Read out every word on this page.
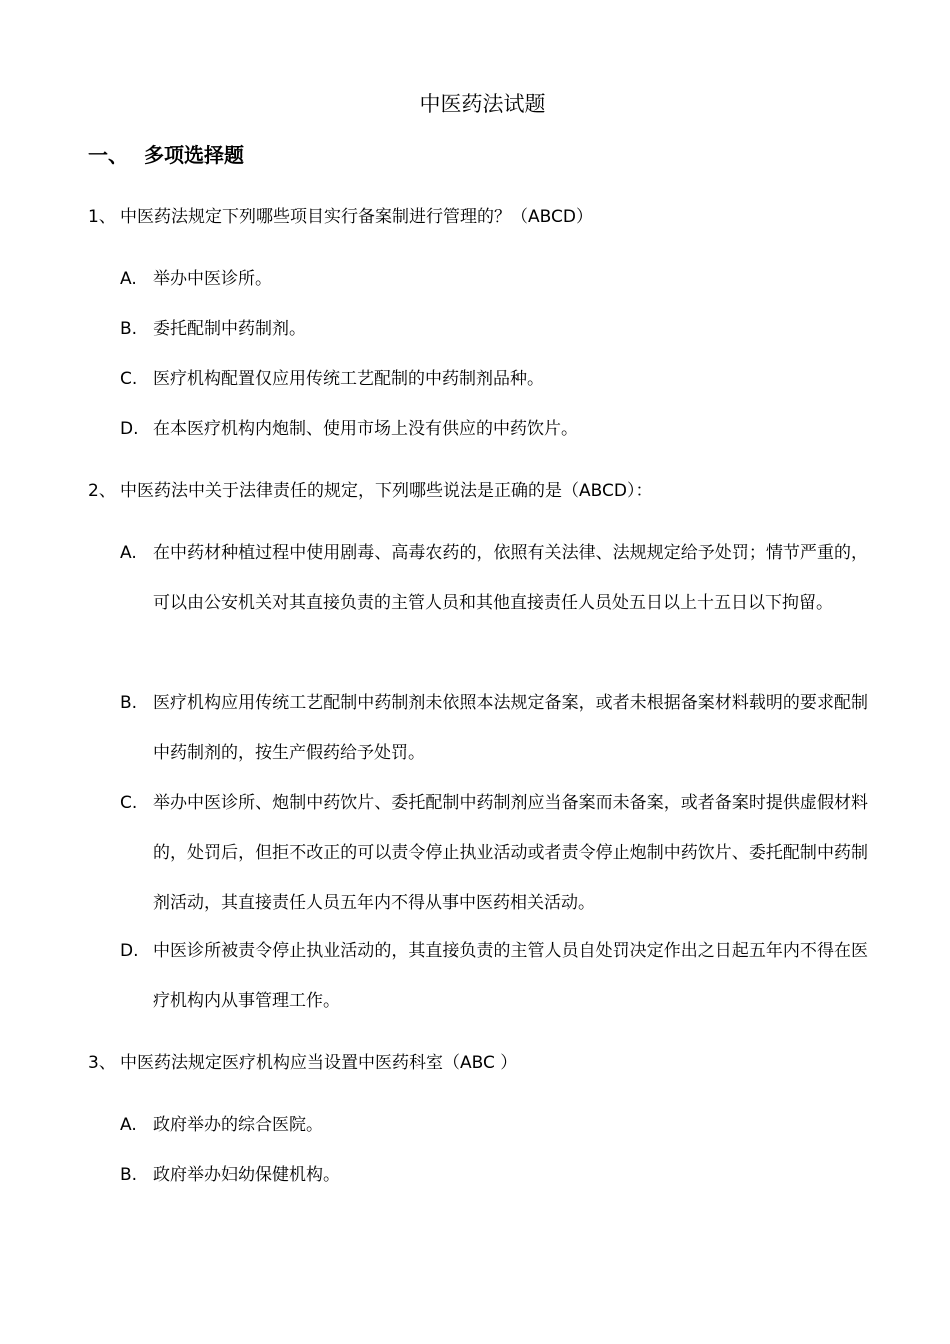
中医药法试题
一、 多项选择题
1、 中医药法规定下列哪些项目实行备案制进行管理的？（ABCD）
A. 举办中医诊所。
B. 委托配制中药制剂。
C. 医疗机构配置仅应用传统工艺配制的中药制剂品种。
D. 在本医疗机构内炮制、使用市场上没有供应的中药饮片。
2、 中医药法中关于法律责任的规定，下列哪些说法是正确的是（ABCD）：
A. 在中药材种植过程中使用剧毒、高毒农药的，依照有关法律、法规规定给予处罚；情节严重的，可以由公安机关对其直接负责的主管人员和其他直接责任人员处五日以上十五日以下拘留。
B. 医疗机构应用传统工艺配制中药制剂未依照本法规定备案，或者未根据备案材料载明的要求配制中药制剂的，按生产假药给予处罚。
C. 举办中医诊所、炮制中药饮片、委托配制中药制剂应当备案而未备案，或者备案时提供虚假材料的，处罚后，但拒不改正的可以责令停止执业活动或者责令停止炮制中药饮片、委托配制中药制剂活动，其直接责任人员五年内不得从事中医药相关活动。
D. 中医诊所被责令停止执业活动的，其直接负责的主管人员自处罚决定作出之日起五年内不得在医疗机构内从事管理工作。
3、 中医药法规定医疗机构应当设置中医药科室（ABC ）
A. 政府举办的综合医院。
B. 政府举办妇幼保健机构。
